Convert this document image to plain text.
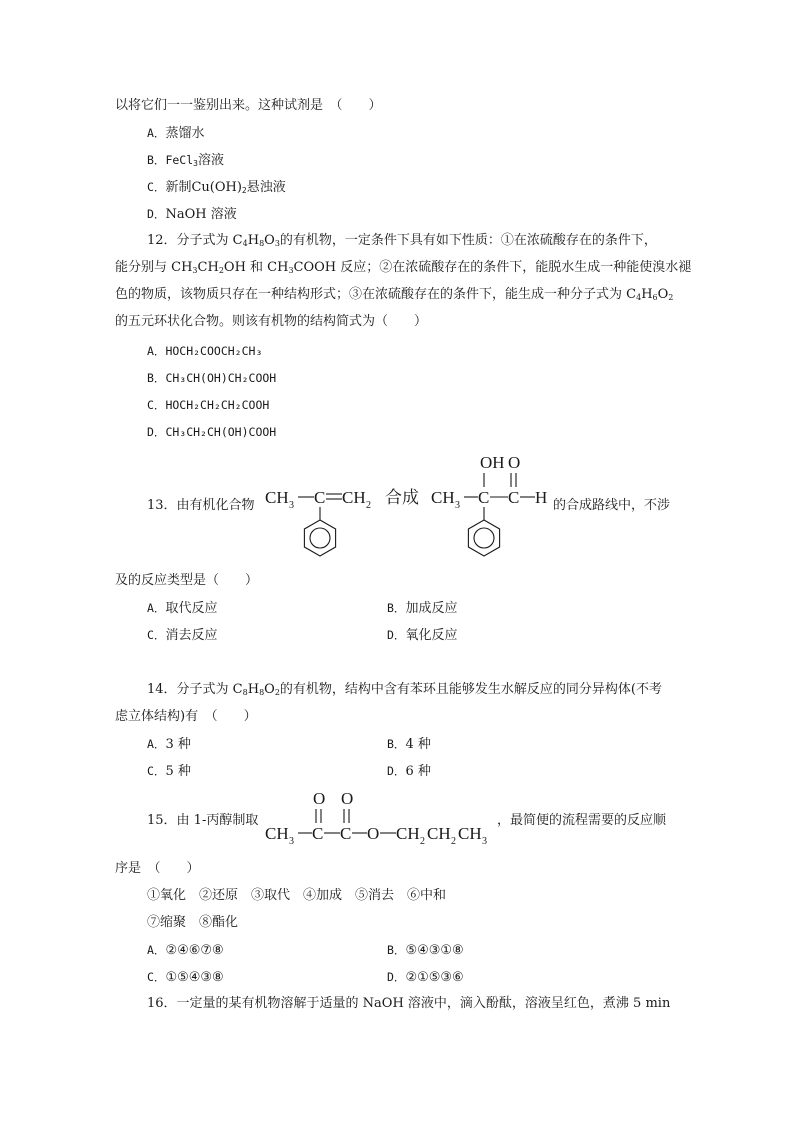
以将它们一一鉴别出来。这种试剂是　（　　）
A．蒸馏水
B．FeCl$_3$溶液
C．新制$Cu(OH)_2$悬浊液
D．NaOH 溶液
12．分子式为 $C_4H_8O_3$的有机物，一定条件下具有如下性质：①在浓硫酸存在的条件下，
能分别与 $CH_3CH_2OH$ 和 $CH_3COOH$ 反应；②在浓硫酸存在的条件下，能脱水生成一种能使溴水褪
色的物质，该物质只存在一种结构形式；③在浓硫酸存在的条件下，能生成一种分子式为 $C_4H_6O_2$
的五元环状化合物。则该有机物的结构简式为（　　）
A．HOCH₂COOCH₂CH₃
B．CH₃CH(OH)CH₂COOH
C．HOCH₂CH₂CH₂COOH
D．CH₃CH₂CH(OH)COOH
13．由有机化合物 CH 3 C CH 2 合成
OH O
CH 3 C C H 的合成路线中，不涉
及的反应类型是（　　）
A．取代反应	B．加成反应
C．消去反应	D．氧化反应
14．分子式为 $C_8H_8O_2$的有机物，结构中含有苯环且能够发生水解反应的同分异构体(不考
虑立体结构)有　（　　）
A．3 种	B．4 种
C．5 种	D．6 种
15．由 1-丙醇制取
O O
CH 3 C C O CH 2 CH 2 CH 3
，最简便的流程需要的反应顺
序是　（　　）
①氧化　②还原　③取代　④加成　⑤消去　⑥中和
⑦缩聚　⑧酯化
A．②④⑥⑦⑧	B．⑤④③①⑧
C．①⑤④③⑧	D．②①⑤③⑥
16．一定量的某有机物溶解于适量的 NaOH 溶液中，滴入酚酞，溶液呈红色，煮沸 5 min
